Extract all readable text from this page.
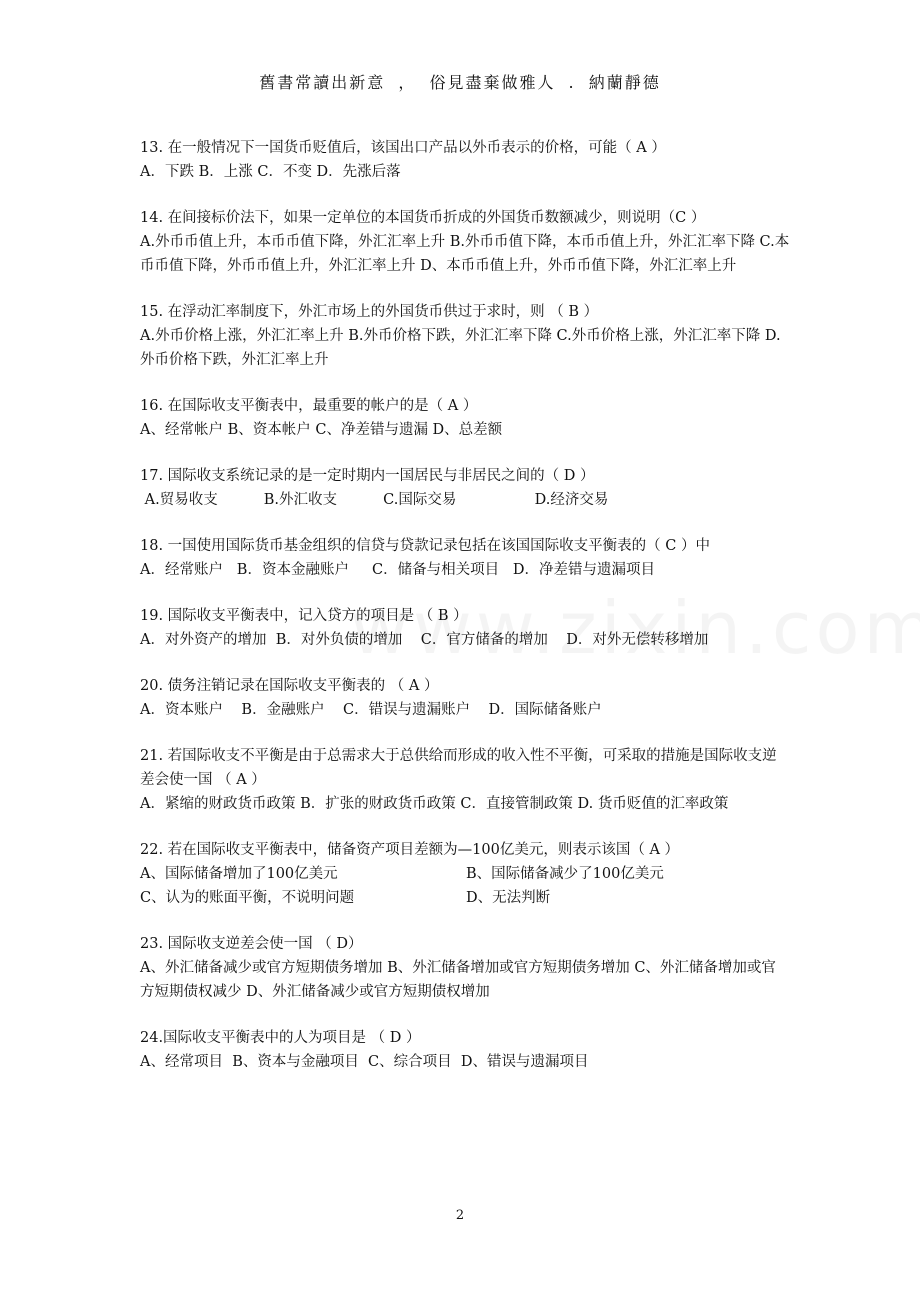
舊書常讀出新意 ， 俗見盡棄做雅人 . 納蘭靜德
13. 在一般情况下一国货币贬值后，该国出口产品以外币表示的价格，可能（ A ）
A．下跌 B．上涨 C．不变 D．先涨后落
14. 在间接标价法下，如果一定单位的本国货币折成的外国货币数额减少，则说明（C ）
A.外币币值上升，本币币值下降，外汇汇率上升 B.外币币值下降，本币币值上升，外汇汇率下降 C.本币币值下降，外币币值上升，外汇汇率上升 D、本币币值上升，外币币值下降，外汇汇率上升
15. 在浮动汇率制度下，外汇市场上的外国货币供过于求时，则 （ B ）
A.外币价格上涨，外汇汇率上升 B.外币价格下跌，外汇汇率下降 C.外币价格上涨，外汇汇率下降 D.外币价格下跌，外汇汇率上升
16. 在国际收支平衡表中，最重要的帐户的是（ A ）
A、经常帐户 B、资本帐户 C、净差错与遗漏 D、总差额
17. 国际收支系统记录的是一定时期内一国居民与非居民之间的（ D ）
A.贸易收支          B.外汇收支          C.国际交易                 D.经济交易
18. 一国使用国际货币基金组织的信贷与贷款记录包括在该国国际收支平衡表的（ C ）中
A．经常账户   B．资本金融账户     C．储备与相关项目   D．净差错与遗漏项目
19. 国际收支平衡表中，记入贷方的项目是 （ B ）
A．对外资产的增加  B．对外负债的增加    C．官方储备的增加    D．对外无偿转移增加
20. 债务注销记录在国际收支平衡表的 （ A ）
A．资本账户    B．金融账户    C．错误与遗漏账户    D．国际储备账户
21. 若国际收支不平衡是由于总需求大于总供给而形成的收入性不平衡，可采取的措施是国际收支逆差会使一国 （ A ）
A．紧缩的财政货币政策 B．扩张的财政货币政策 C．直接管制政策 D. 货币贬值的汇率政策
22. 若在国际收支平衡表中，储备资产项目差额为—100亿美元，则表示该国（ A ）
A、国际储备增加了100亿美元	B、国际储备减少了100亿美元
C、认为的账面平衡，不说明问题	D、无法判断
23. 国际收支逆差会使一国 （ D）
A、外汇储备减少或官方短期债务增加 B、外汇储备增加或官方短期债务增加 C、外汇储备增加或官方短期债权减少 D、外汇储备减少或官方短期债权增加
24.国际收支平衡表中的人为项目是 （ D ）
A、经常项目  B、资本与金融项目  C、综合项目  D、错误与遗漏项目
2
